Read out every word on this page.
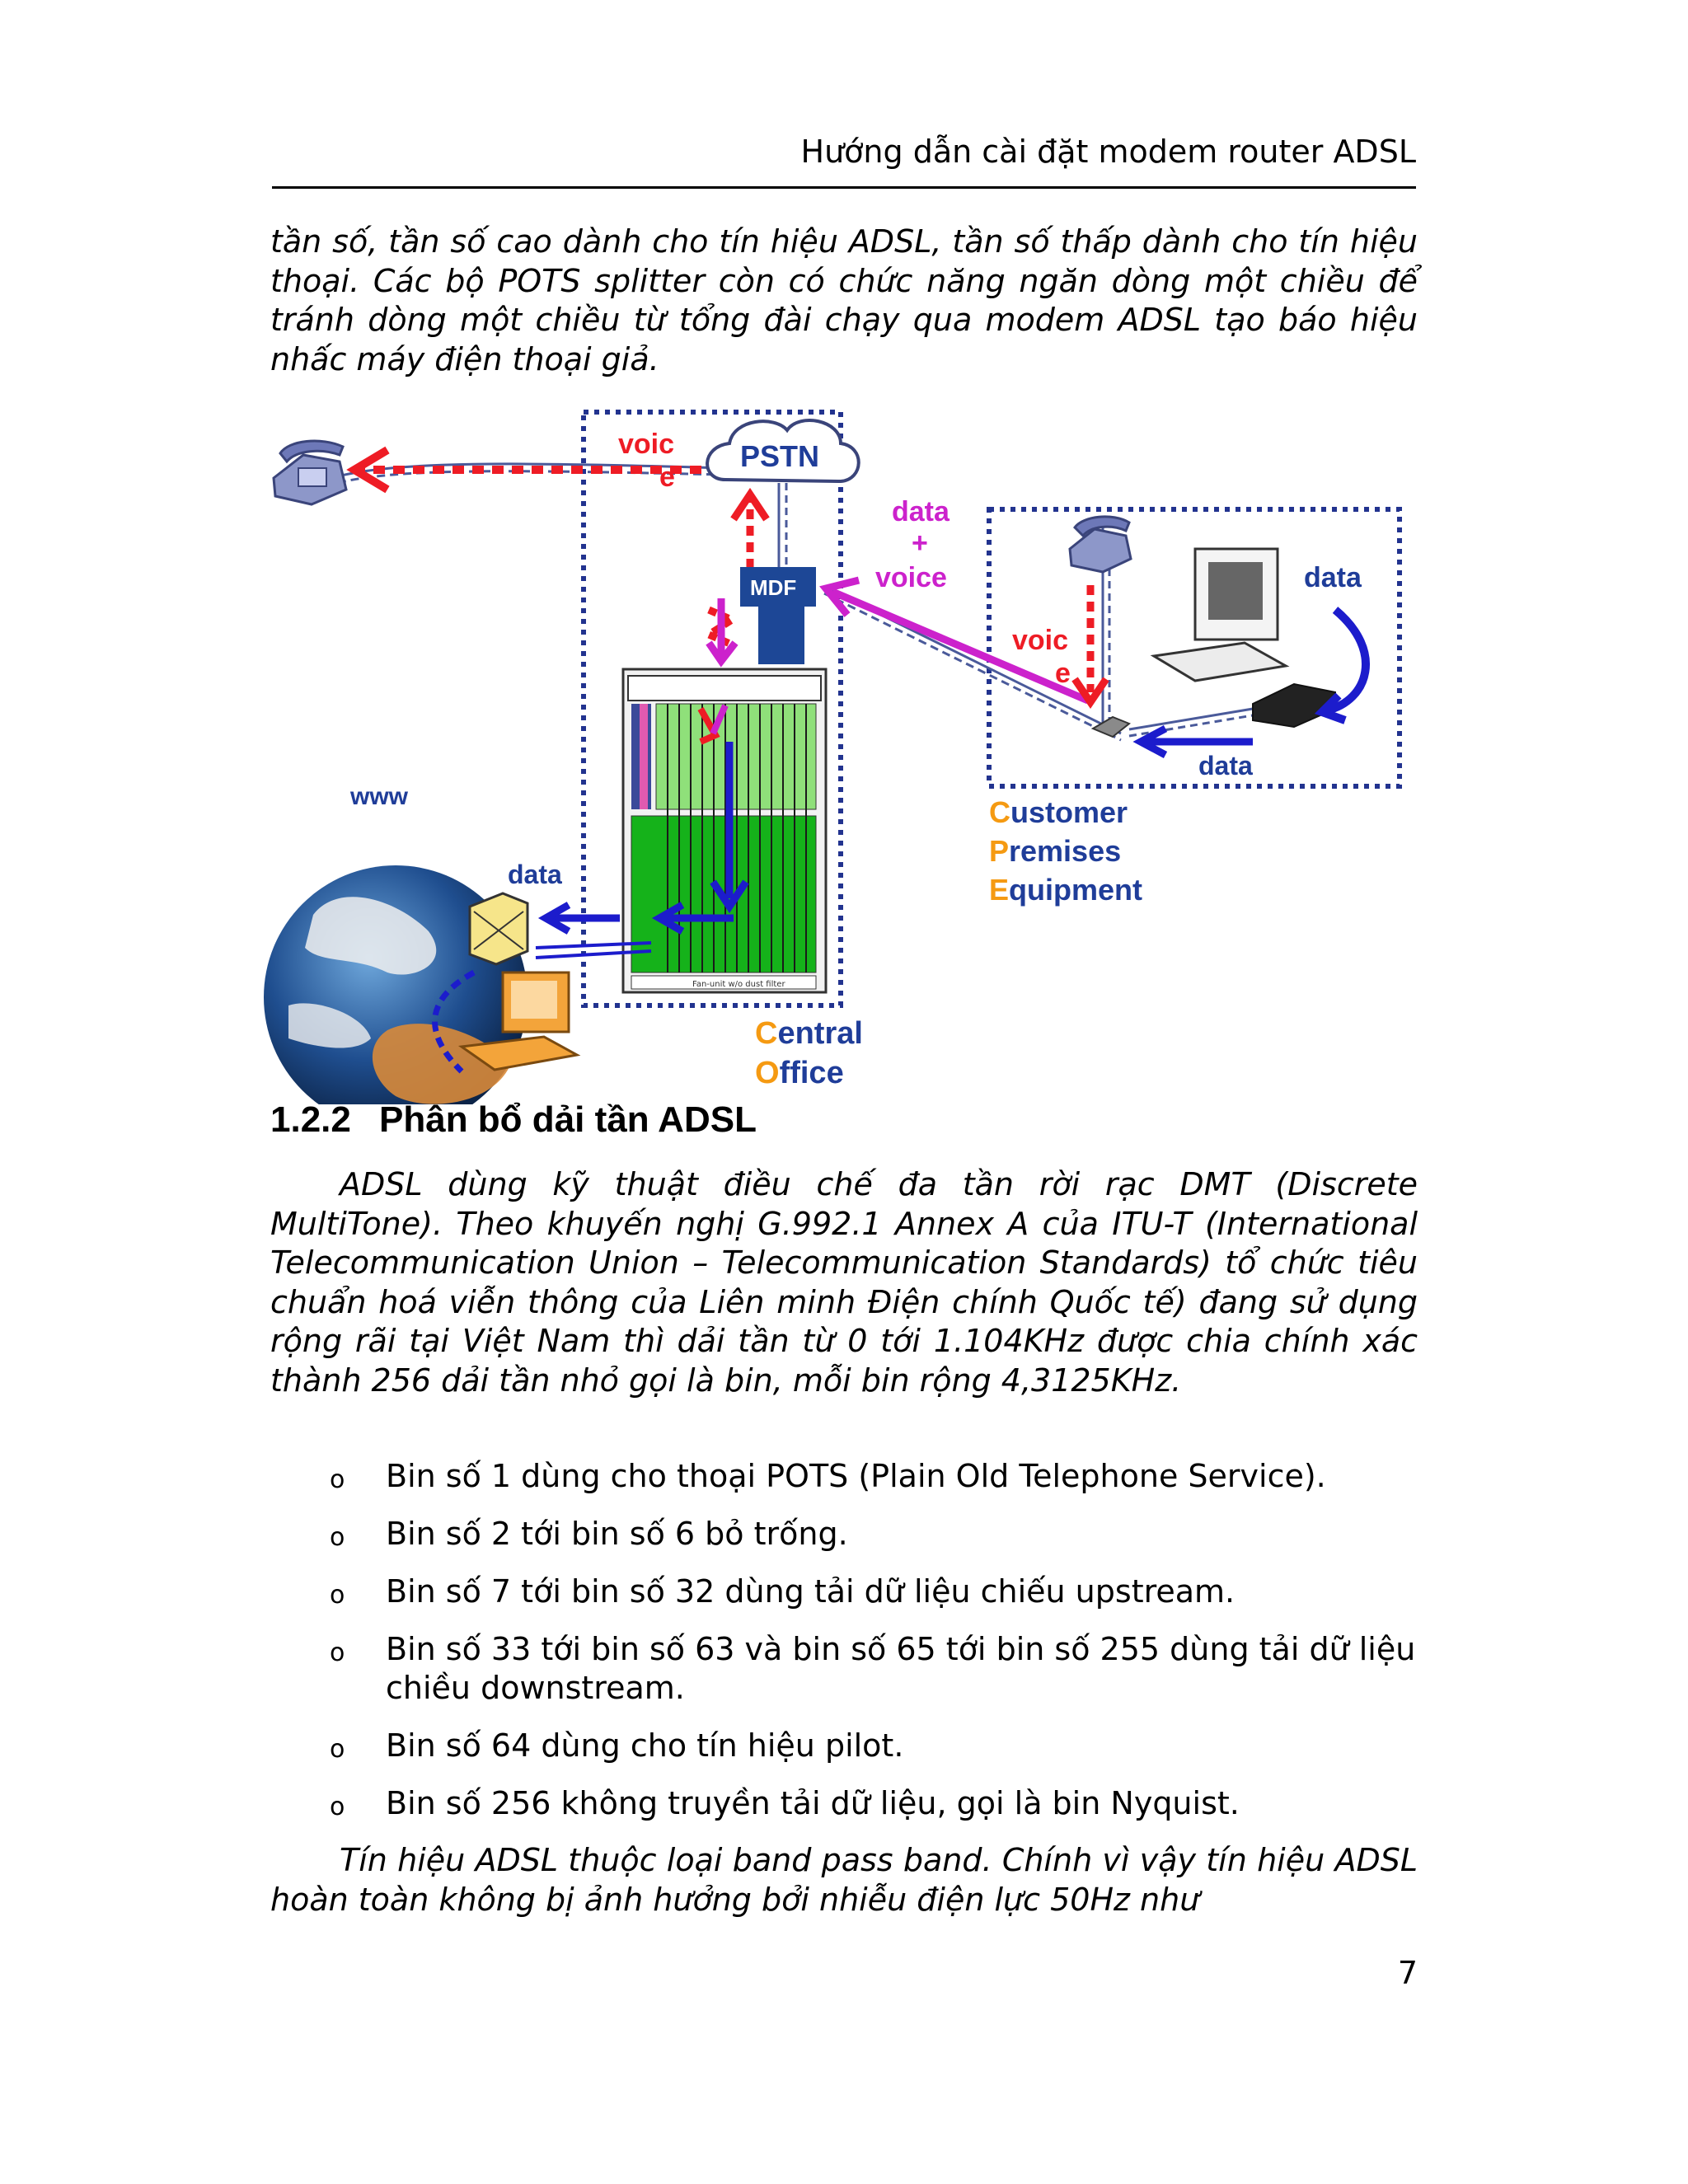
Hướng dẫn cài đặt modem router ADSL

tần số, tần số cao dành cho tín hiệu ADSL, tần số thấp dành cho tín hiệu thoại. Các bộ POTS splitter còn có chức năng ngăn dòng một chiều để tránh dòng một chiều từ tổng đài chạy qua modem ADSL tạo báo hiệu nhấc máy điện thoại giả.

voic
e
PSTN
MDF
data
+
voice
Fan-unit w/o dust filter
www
data
Central
Office
data
voic
e
data
Customer
Premises
Equipment
1.2.2 Phân bổ dải tần ADSL

ADSL dùng kỹ thuật điều chế đa tần rời rạc DMT (Discrete MultiTone). Theo khuyến nghị G.992.1 Annex A của ITU-T (International Telecommunication Union – Telecommunication Standards) tổ chức tiêu chuẩn hoá viễn thông của Liên minh Điện chính Quốc tế) đang sử dụng rộng rãi tại Việt Nam thì dải tần từ 0 tới 1.104KHz được chia chính xác thành 256 dải tần nhỏ gọi là bin, mỗi bin rộng 4,3125KHz.

o Bin số 1 dùng cho thoại POTS (Plain Old Telephone Service).
o Bin số 2 tới bin số 6 bỏ trống.
o Bin số 7 tới bin số 32 dùng tải dữ liệu chiếu upstream.
o Bin số 33 tới bin số 63 và bin số 65 tới bin số 255 dùng tải dữ liệu chiều downstream.
o Bin số 64 dùng cho tín hiệu pilot.
o Bin số 256 không truyền tải dữ liệu, gọi là bin Nyquist.

Tín hiệu ADSL thuộc loại band pass band. Chính vì vậy tín hiệu ADSL hoàn toàn không bị ảnh hưởng bởi nhiễu điện lực 50Hz như

7
